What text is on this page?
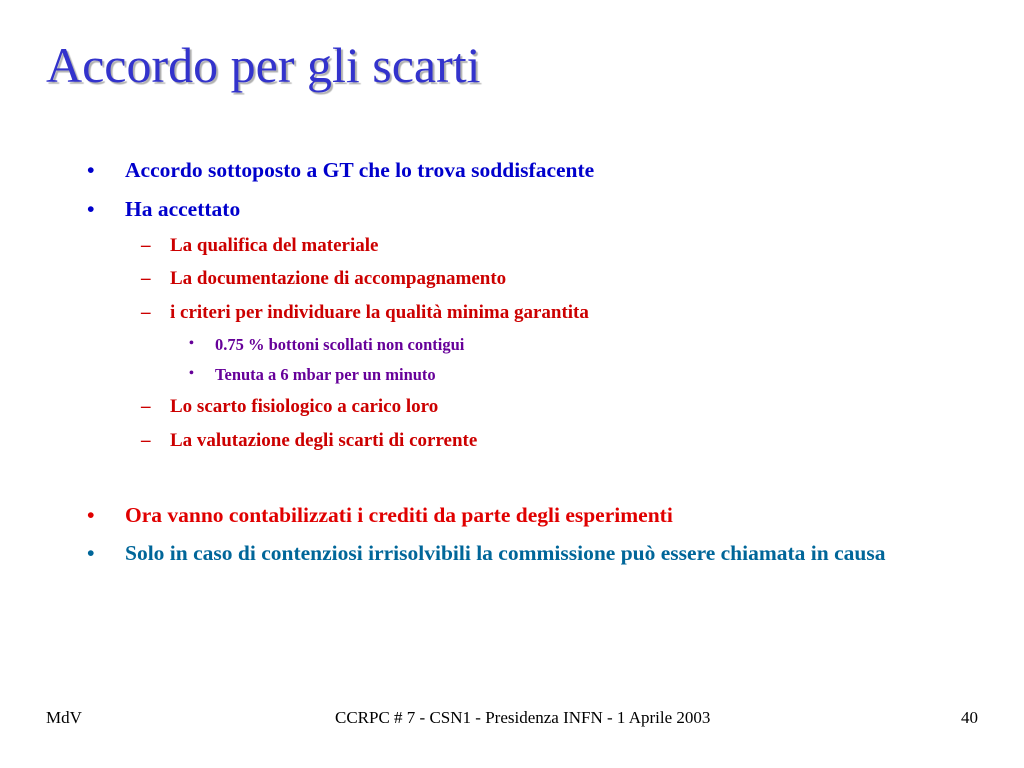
Accordo per gli scarti
• Accordo sottoposto a GT che lo trova soddisfacente
• Ha accettato
– La qualifica del materiale
– La documentazione di accompagnamento
– i criteri per individuare la qualità minima garantita
• 0.75 % bottoni scollati non contigui
• Tenuta a 6 mbar per un minuto
– Lo scarto fisiologico a carico loro
– La valutazione degli scarti di corrente
• Ora vanno contabilizzati i crediti da parte degli esperimenti
• Solo in caso di contenziosi irrisolvibili la commissione può essere chiamata in causa
MdV	CCRPC # 7 - CSN1 - Presidenza INFN - 1 Aprile 2003	40
